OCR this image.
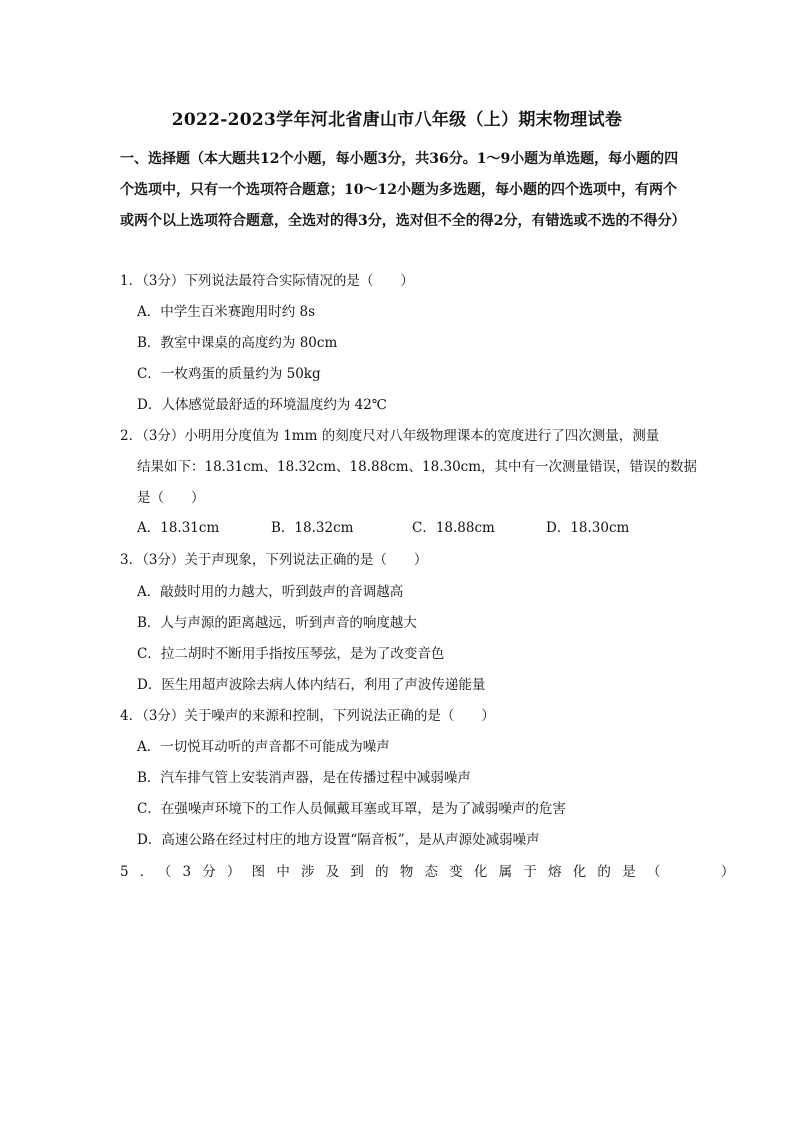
2022-2023学年河北省唐山市八年级（上）期末物理试卷
一、选择题（本大题共12个小题，每小题3分，共36分。1～9小题为单选题，每小题的四个选项中，只有一个选项符合题意；10～12小题为多选题，每小题的四个选项中，有两个或两个以上选项符合题意，全选对的得3分，选对但不全的得2分，有错选或不选的不得分）
1．（3分）下列说法最符合实际情况的是（　　）
A．中学生百米赛跑用时约 8s
B．教室中课桌的高度约为 80cm
C．一枚鸡蛋的质量约为 50kg
D．人体感觉最舒适的环境温度约为 42℃
2．（3分）小明用分度值为 1mm 的刻度尺对八年级物理课本的宽度进行了四次测量，测量
结果如下：18.31cm、18.32cm、18.88cm、18.30cm，其中有一次测量错误，错误的数据
是（　　）
A．18.31cm	B．18.32cm	C．18.88cm	D．18.30cm
3．（3分）关于声现象，下列说法正确的是（　　）
A．敲鼓时用的力越大，听到鼓声的音调越高
B．人与声源的距离越远，听到声音的响度越大
C．拉二胡时不断用手指按压琴弦，是为了改变音色
D．医生用超声波除去病人体内结石，利用了声波传递能量
4．（3分）关于噪声的来源和控制，下列说法正确的是（　　）
A．一切悦耳动听的声音都不可能成为噪声
B．汽车排气管上安装消声器，是在传播过程中减弱噪声
C．在强噪声环境下的工作人员佩戴耳塞或耳罩，是为了减弱噪声的危害
D．高速公路在经过村庄的地方设置“隔音板”，是从声源处减弱噪声
5．（3分）图中涉及到的物态变化属于熔化的是（　　）
